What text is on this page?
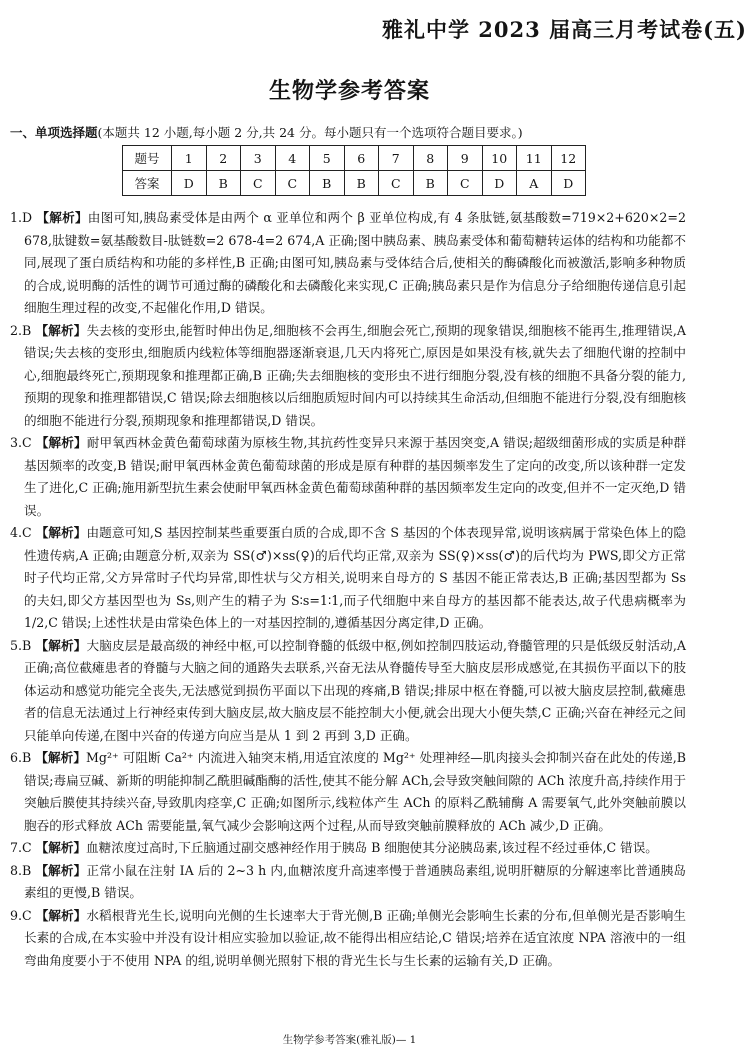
雅礼中学 2023 届高三月考试卷(五)
生物学参考答案
一、单项选择题(本题共 12 小题,每小题 2 分,共 24 分。每小题只有一个选项符合题目要求。)
题号	1	2	3	4	5	6	7	8	9	10	11	12
答案	D	B	C	C	B	B	C	B	C	D	A	D

1.D 【解析】由图可知,胰岛素受体是由两个 α 亚单位和两个 β 亚单位构成,有 4 条肽链,氨基酸数=719×2+620×2=2 678,肽键数=氨基酸数目-肽链数=2 678-4=2 674,A 正确;图中胰岛素、胰岛素受体和葡萄糖转运体的结构和功能都不同,展现了蛋白质结构和功能的多样性,B 正确;由图可知,胰岛素与受体结合后,使相关的酶磷酸化而被激活,影响多种物质的合成,说明酶的活性的调节可通过酶的磷酸化和去磷酸化来实现,C 正确;胰岛素只是作为信息分子给细胞传递信息引起细胞生理过程的改变,不起催化作用,D 错误。

2.B 【解析】失去核的变形虫,能暂时伸出伪足,细胞核不会再生,细胞会死亡,预期的现象错误,细胞核不能再生,推理错误,A 错误;失去核的变形虫,细胞质内线粒体等细胞器逐渐衰退,几天内将死亡,原因是如果没有核,就失去了细胞代谢的控制中心,细胞最终死亡,预期现象和推理都正确,B 正确;失去细胞核的变形虫不进行细胞分裂,没有核的细胞不具备分裂的能力,预期的现象和推理都错误,C 错误;除去细胞核以后细胞质短时间内可以持续其生命活动,但细胞不能进行分裂,没有细胞核的细胞不能进行分裂,预期现象和推理都错误,D 错误。

3.C 【解析】耐甲氧西林金黄色葡萄球菌为原核生物,其抗药性变异只来源于基因突变,A 错误;超级细菌形成的实质是种群基因频率的改变,B 错误;耐甲氧西林金黄色葡萄球菌的形成是原有种群的基因频率发生了定向的改变,所以该种群一定发生了进化,C 正确;施用新型抗生素会使耐甲氧西林金黄色葡萄球菌种群的基因频率发生定向的改变,但并不一定灭绝,D 错误。

4.C 【解析】由题意可知,S 基因控制某些重要蛋白质的合成,即不含 S 基因的个体表现异常,说明该病属于常染色体上的隐性遗传病,A 正确;由题意分析,双亲为 SS(♂)×ss(♀)的后代均正常,双亲为 SS(♀)×ss(♂)的后代均为 PWS,即父方正常时子代均正常,父方异常时子代均异常,即性状与父方相关,说明来自母方的 S 基因不能正常表达,B 正确;基因型都为 Ss 的夫妇,即父方基因型也为 Ss,则产生的精子为 S∶s=1∶1,而子代细胞中来自母方的基因都不能表达,故子代患病概率为 1/2,C 错误;上述性状是由常染色体上的一对基因控制的,遵循基因分离定律,D 正确。

5.B 【解析】大脑皮层是最高级的神经中枢,可以控制脊髓的低级中枢,例如控制四肢运动,脊髓管理的只是低级反射活动,A 正确;高位截瘫患者的脊髓与大脑之间的通路失去联系,兴奋无法从脊髓传导至大脑皮层形成感觉,在其损伤平面以下的肢体运动和感觉功能完全丧失,无法感觉到损伤平面以下出现的疼痛,B 错误;排尿中枢在脊髓,可以被大脑皮层控制,截瘫患者的信息无法通过上行神经束传到大脑皮层,故大脑皮层不能控制大小便,就会出现大小便失禁,C 正确;兴奋在神经元之间只能单向传递,在图中兴奋的传递方向应当是从 1 到 2 再到 3,D 正确。

6.B 【解析】Mg²⁺ 可阻断 Ca²⁺ 内流进入轴突末梢,用适宜浓度的 Mg²⁺ 处理神经—肌肉接头会抑制兴奋在此处的传递,B 错误;毒扁豆碱、新斯的明能抑制乙酰胆碱酯酶的活性,使其不能分解 ACh,会导致突触间隙的 ACh 浓度升高,持续作用于突触后膜使其持续兴奋,导致肌肉痉挛,C 正确;如图所示,线粒体产生 ACh 的原料乙酰辅酶 A 需要氧气,此外突触前膜以胞吞的形式释放 ACh 需要能量,氧气减少会影响这两个过程,从而导致突触前膜释放的 ACh 减少,D 正确。

7.C 【解析】血糖浓度过高时,下丘脑通过副交感神经作用于胰岛 B 细胞使其分泌胰岛素,该过程不经过垂体,C 错误。

8.B 【解析】正常小鼠在注射 IA 后的 2~3 h 内,血糖浓度升高速率慢于普通胰岛素组,说明肝糖原的分解速率比普通胰岛素组的更慢,B 错误。

9.C 【解析】水稻根背光生长,说明向光侧的生长速率大于背光侧,B 正确;单侧光会影响生长素的分布,但单侧光是否影响生长素的合成,在本实验中并没有设计相应实验加以验证,故不能得出相应结论,C 错误;培养在适宜浓度 NPA 溶液中的一组弯曲角度要小于不使用 NPA 的组,说明单侧光照射下根的背光生长与生长素的运输有关,D 正确。

生物学参考答案(雅礼版)— 1
